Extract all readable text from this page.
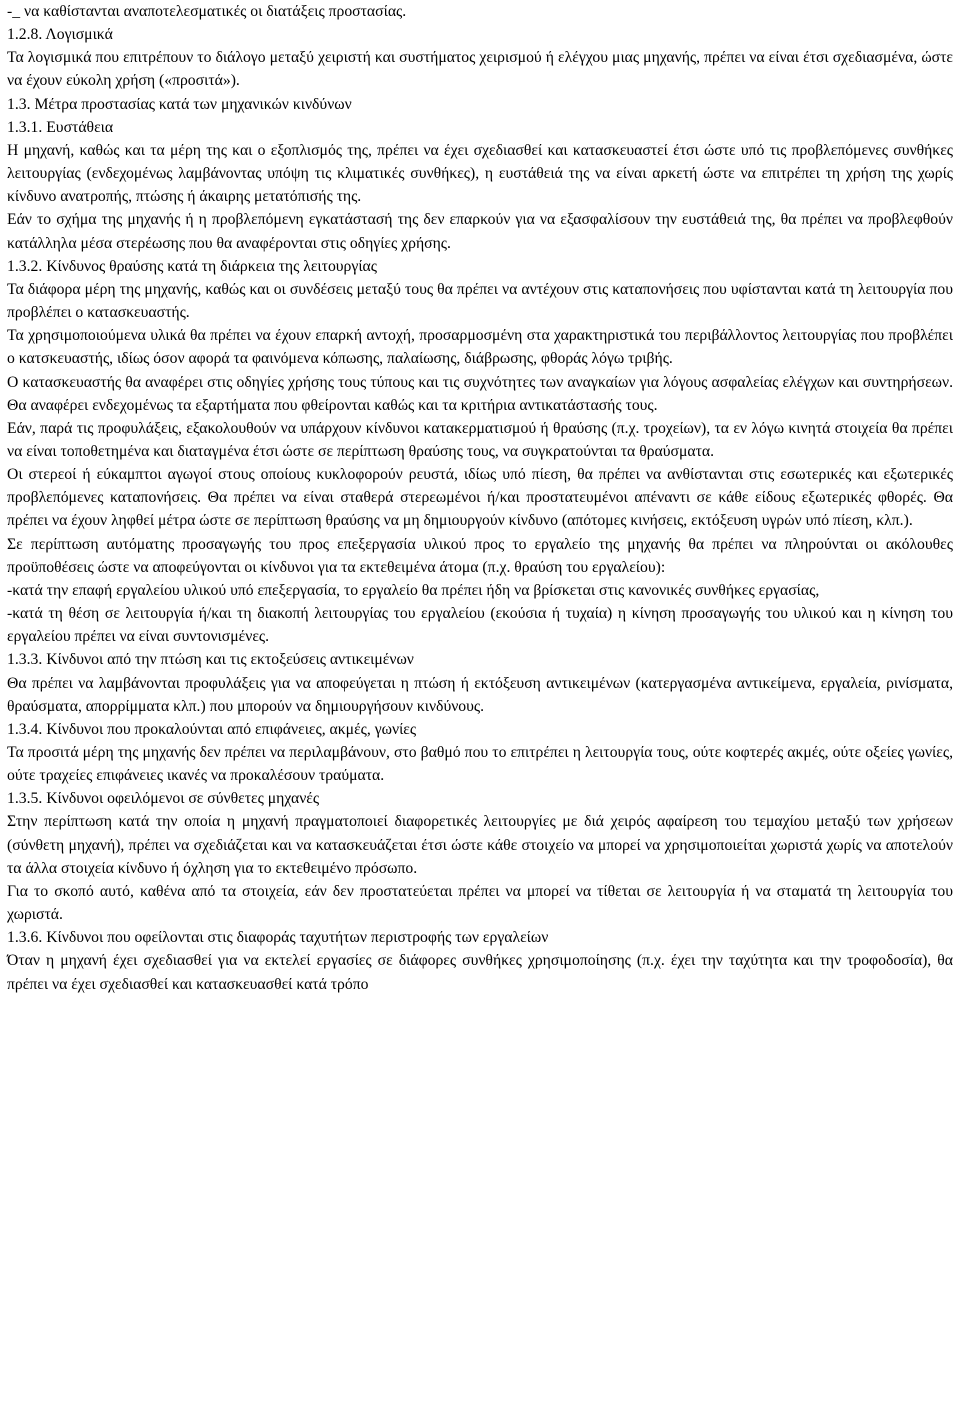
-_ να καθίστανται αναποτελεσματικές οι διατάξεις προστασίας.

1.2.8. Λογισμικά

Τα λογισμικά που επιτρέπουν το διάλογο μεταξύ χειριστή και συστήματος χειρισμού ή ελέγχου μιας μηχανής, πρέπει να είναι έτσι σχεδιασμένα, ώστε να έχουν εύκολη χρήση («προσιτά»).

1.3. Μέτρα προστασίας κατά των μηχανικών κινδύνων

1.3.1. Ευστάθεια

Η μηχανή, καθώς και τα μέρη της και ο εξοπλισμός της, πρέπει να έχει σχεδιασθεί και κατασκευαστεί έτσι ώστε υπό τις προβλεπόμενες συνθήκες λειτουργίας (ενδεχομένως λαμβάνοντας υπόψη τις κλιματικές συνθήκες), η ευστάθειά της να είναι αρκετή ώστε να επιτρέπει τη χρήση της χωρίς κίνδυνο ανατροπής, πτώσης ή άκαιρης μετατόπισής της.

Εάν το σχήμα της μηχανής ή η προβλεπόμενη εγκατάστασή της δεν επαρκούν για να εξασφαλίσουν την ευστάθειά της, θα πρέπει να προβλεφθούν κατάλληλα μέσα στερέωσης που θα αναφέρονται στις οδηγίες χρήσης.

1.3.2. Κίνδυνος θραύσης κατά τη διάρκεια της λειτουργίας

Τα διάφορα μέρη της μηχανής, καθώς και οι συνδέσεις μεταξύ τους θα πρέπει να αντέχουν στις καταπονήσεις που υφίστανται κατά τη λειτουργία που προβλέπει ο κατασκευαστής.

Τα χρησιμοποιούμενα υλικά θα πρέπει να έχουν επαρκή αντοχή, προσαρμοσμένη στα χαρακτηριστικά του περιβάλλοντος λειτουργίας που προβλέπει ο κατσκευαστής, ιδίως όσον αφορά τα φαινόμενα κόπωσης, παλαίωσης, διάβρωσης, φθοράς λόγω τριβής.

Ο κατασκευαστής θα αναφέρει στις οδηγίες χρήσης τους τύπους και τις συχνότητες των αναγκαίων για λόγους ασφαλείας ελέγχων και συντηρήσεων. Θα αναφέρει ενδεχομένως τα εξαρτήματα που φθείρονται καθώς και τα κριτήρια αντικατάστασής τους.

Εάν, παρά τις προφυλάξεις, εξακολουθούν να υπάρχουν κίνδυνοι κατακερματισμού ή θραύσης (π.χ. τροχείων), τα εν λόγω κινητά στοιχεία θα πρέπει να είναι τοποθετημένα και διαταγμένα έτσι ώστε σε περίπτωση θραύσης τους, να συγκρατούνται τα θραύσματα.

Οι στερεοί ή εύκαμπτοι αγωγοί στους οποίους κυκλοφορούν ρευστά, ιδίως υπό πίεση, θα πρέπει να ανθίστανται στις εσωτερικές και εξωτερικές προβλεπόμενες καταπονήσεις. Θα πρέπει να είναι σταθερά στερεωμένοι ή/και προστατευμένοι απέναντι σε κάθε είδους εξωτερικές φθορές. Θα πρέπει να έχουν ληφθεί μέτρα ώστε σε περίπτωση θραύσης να μη δημιουργούν κίνδυνο (απότομες κινήσεις, εκτόξευση υγρών υπό πίεση, κλπ.).

Σε περίπτωση αυτόματης προσαγωγής του προς επεξεργασία υλικού προς το εργαλείο της μηχανής θα πρέπει να πληρούνται οι ακόλουθες προϋποθέσεις ώστε να αποφεύγονται οι κίνδυνοι για τα εκτεθειμένα άτομα (π.χ. θραύση του εργαλείου):

-κατά την επαφή εργαλείου υλικού υπό επεξεργασία, το εργαλείο θα πρέπει ήδη να βρίσκεται στις κανονικές συνθήκες εργασίας,

-κατά τη θέση σε λειτουργία ή/και τη διακοπή λειτουργίας του εργαλείου (εκούσια ή τυχαία) η κίνηση προσαγωγής του υλικού και η κίνηση του εργαλείου πρέπει να είναι συντονισμένες.

1.3.3. Κίνδυνοι από την πτώση και τις εκτοξεύσεις αντικειμένων

Θα πρέπει να λαμβάνονται προφυλάξεις για να αποφεύγεται η πτώση ή εκτόξευση αντικειμένων (κατεργασμένα αντικείμενα, εργαλεία, ρινίσματα, θραύσματα, απορρίμματα κλπ.) που μπορούν να δημιουργήσουν κινδύνους.

1.3.4. Κίνδυνοι που προκαλούνται από επιφάνειες, ακμές, γωνίες

Τα προσιτά μέρη της μηχανής δεν πρέπει να περιλαμβάνουν, στο βαθμό που το επιτρέπει η λειτουργία τους, ούτε κοφτερές ακμές, ούτε οξείες γωνίες, ούτε τραχείες επιφάνειες ικανές να προκαλέσουν τραύματα.

1.3.5. Κίνδυνοι οφειλόμενοι σε σύνθετες μηχανές

Στην περίπτωση κατά την οποία η μηχανή πραγματοποιεί διαφορετικές λειτουργίες με διά χειρός αφαίρεση του τεμαχίου μεταξύ των χρήσεων (σύνθετη μηχανή), πρέπει να σχεδιάζεται και να κατασκευάζεται έτσι ώστε κάθε στοιχείο να μπορεί να χρησιμοποιείται χωριστά χωρίς να αποτελούν τα άλλα στοιχεία κίνδυνο ή όχληση για το εκτεθειμένο πρόσωπο.

Για το σκοπό αυτό, καθένα από τα στοιχεία, εάν δεν προστατεύεται πρέπει να μπορεί να τίθεται σε λειτουργία ή να σταματά τη λειτουργία του χωριστά.

1.3.6. Κίνδυνοι που οφείλονται στις διαφοράς ταχυτήτων περιστροφής των εργαλείων

Όταν η μηχανή έχει σχεδιασθεί για να εκτελεί εργασίες σε διάφορες συνθήκες χρησιμοποίησης (π.χ. έχει την ταχύτητα και την τροφοδοσία), θα πρέπει να έχει σχεδιασθεί και κατασκευασθεί κατά τρόπο
